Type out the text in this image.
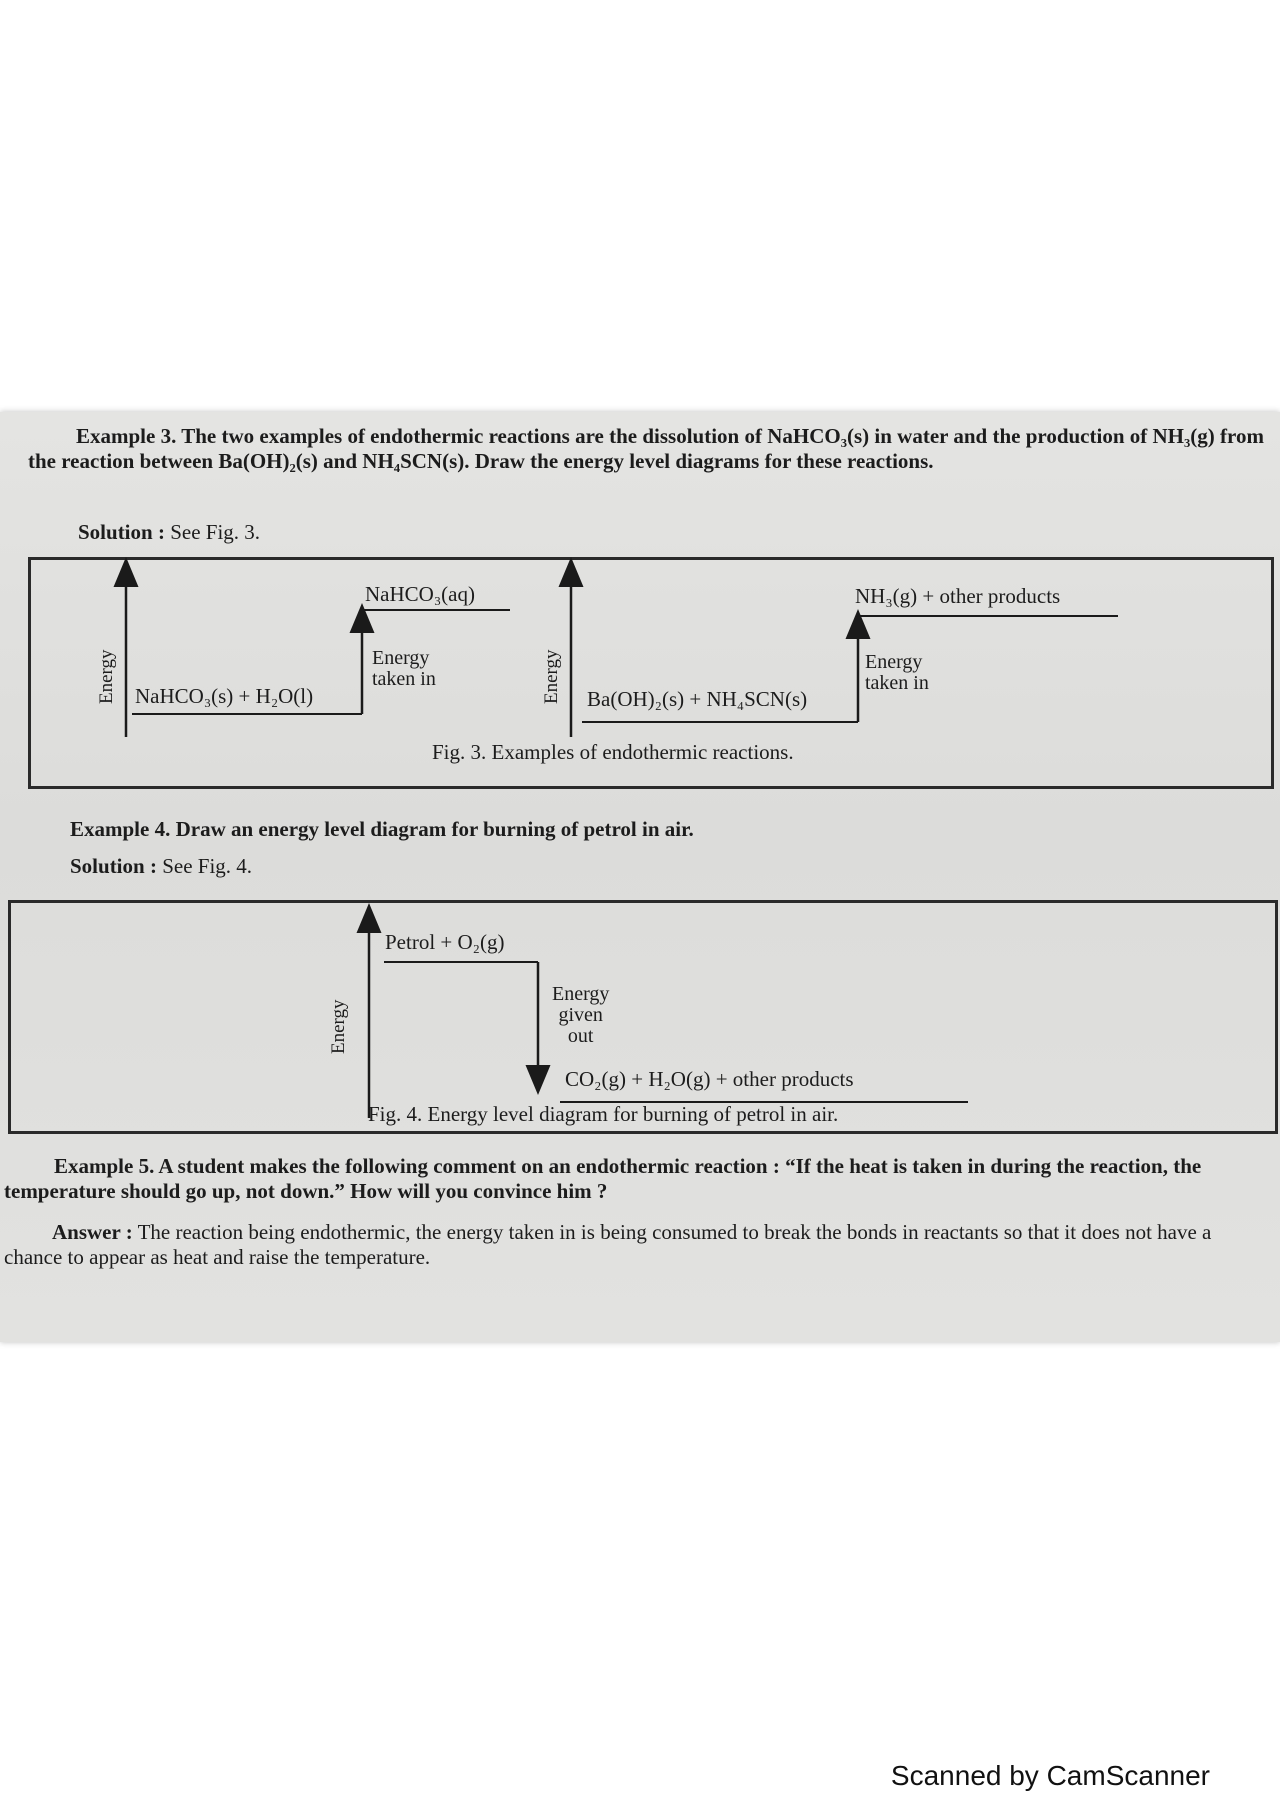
Example 3. The two examples of endothermic reactions are the dissolution of NaHCO₃(s) in water and the production of NH₃(g) from the reaction between Ba(OH)₂(s) and NH₄SCN(s). Draw the energy level diagrams for these reactions.

Solution : See Fig. 3.

Energy
NaHCO₃(aq)
NaHCO₃(s) + H₂O(l)
Energy
taken in	Energy
NH₃(g) + other products
Ba(OH)₂(s) + NH₄SCN(s)
Energy
taken in
Fig. 3. Examples of endothermic reactions.

Example 4. Draw an energy level diagram for burning of petrol in air.

Solution : See Fig. 4.

Energy
Petrol + O₂(g)
Energy
given
out
CO₂(g) + H₂O(g) + other products
Fig. 4. Energy level diagram for burning of petrol in air.

Example 5. A student makes the following comment on an endothermic reaction : “If the heat is taken in during the reaction, the temperature should go up, not down.” How will you convince him ?

Answer : The reaction being endothermic, the energy taken in is being consumed to break the bonds in reactants so that it does not have a chance to appear as heat and raise the temperature.

Scanned by CamScanner
